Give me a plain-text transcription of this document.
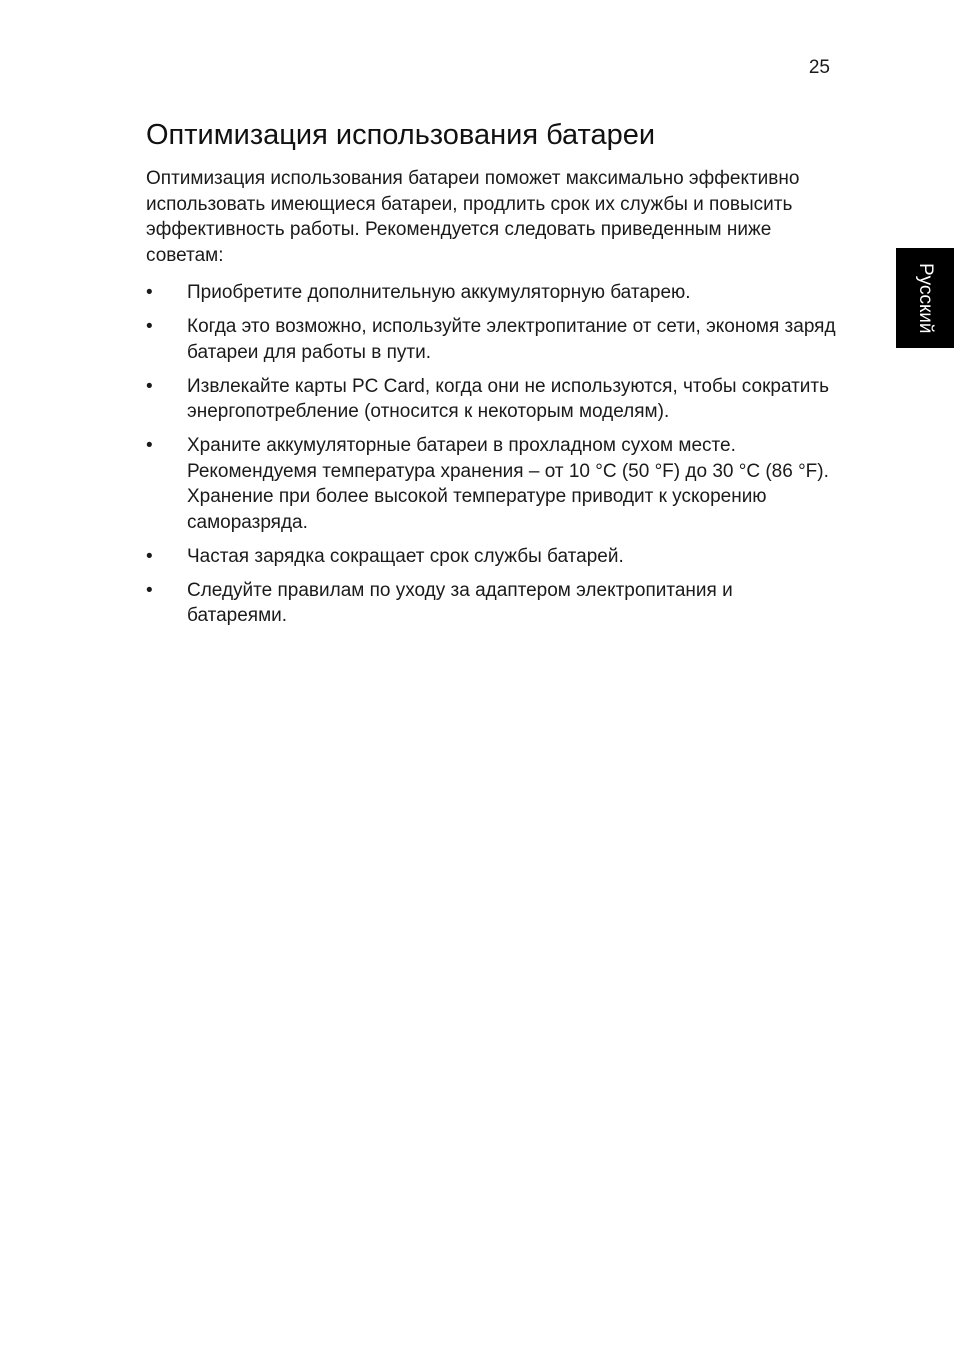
25
Русский
Оптимизация использования батареи

Оптимизация использования батареи поможет максимально эффективно использовать имеющиеся батареи, продлить срок их службы и повысить эффективность работы. Рекомендуется следовать приведенным ниже советам:

• Приобретите дополнительную аккумуляторную батарею.
• Когда это возможно, используйте электропитание от сети, экономя заряд батареи для работы в пути.
• Извлекайте карты PC Card, когда они не используются, чтобы сократить энергопотребление (относится к некоторым моделям).
• Храните аккумуляторные батареи в прохладном сухом месте. Рекомендуемя температура хранения – от 10 °C (50 °F) до 30 °C (86 °F). Хранение при более высокой температуре приводит к ускорению саморазряда.
• Частая зарядка сокращает срок службы батарей.
• Следуйте правилам по уходу за адаптером электропитания и батареями.
